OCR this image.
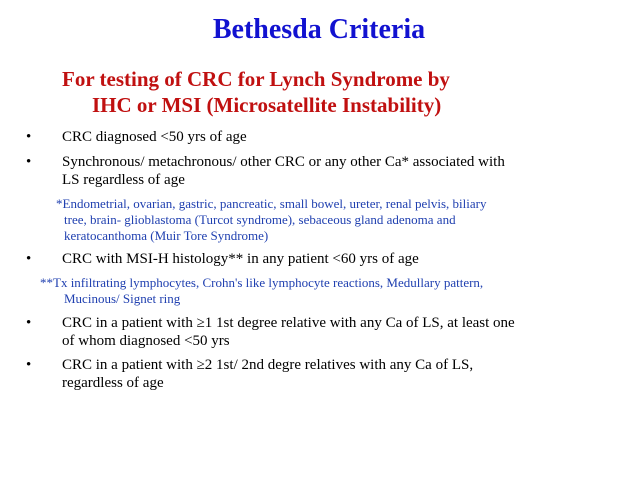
Bethesda Criteria
For testing of CRC for Lynch Syndrome by
IHC or MSI (Microsatellite Instability)
•	CRC diagnosed <50 yrs of age
•	Synchronous/ metachronous/ other CRC or any other Ca* associated with
LS regardless of age
*Endometrial, ovarian, gastric, pancreatic, small bowel, ureter, renal pelvis, biliary
tree, brain- glioblastoma (Turcot syndrome), sebaceous gland adenoma and
keratocanthoma (Muir Tore Syndrome)
•	CRC with MSI-H histology** in any patient <60 yrs of age
**Tx infiltrating lymphocytes, Crohn's like lymphocyte reactions, Medullary pattern,
Mucinous/ Signet ring
•	CRC in a patient with ≥1 1st degree relative with any Ca of LS, at least one
of whom diagnosed <50 yrs
•	CRC in a patient with ≥2 1st/ 2nd degre relatives with any Ca of LS,
regardless of age
